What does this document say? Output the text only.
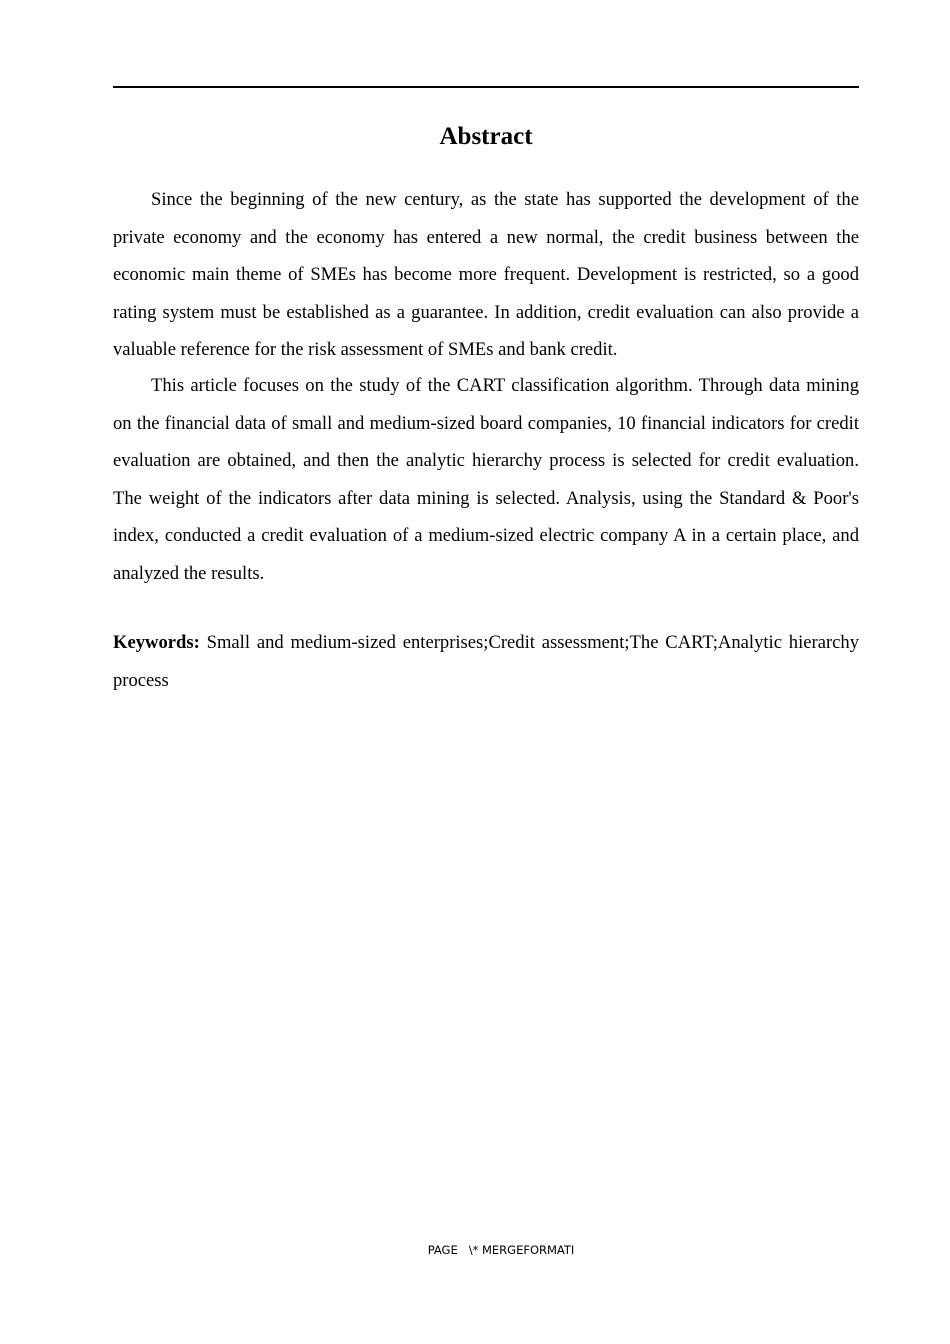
Abstract

Since the beginning of the new century, as the state has supported the development of the private economy and the economy has entered a new normal, the credit business between the economic main theme of SMEs has become more frequent. Development is restricted, so a good rating system must be established as a guarantee. In addition, credit evaluation can also provide a valuable reference for the risk assessment of SMEs and bank credit.

This article focuses on the study of the CART classification algorithm. Through data mining on the financial data of small and medium-sized board companies, 10 financial indicators for credit evaluation are obtained, and then the analytic hierarchy process is selected for credit evaluation. The weight of the indicators after data mining is selected. Analysis, using the Standard & Poor's index, conducted a credit evaluation of a medium-sized electric company A in a certain place, and analyzed the results.

Keywords: Small and medium-sized enterprises;Credit assessment;The CART;Analytic hierarchy process

PAGE   \* MERGEFORMATI
